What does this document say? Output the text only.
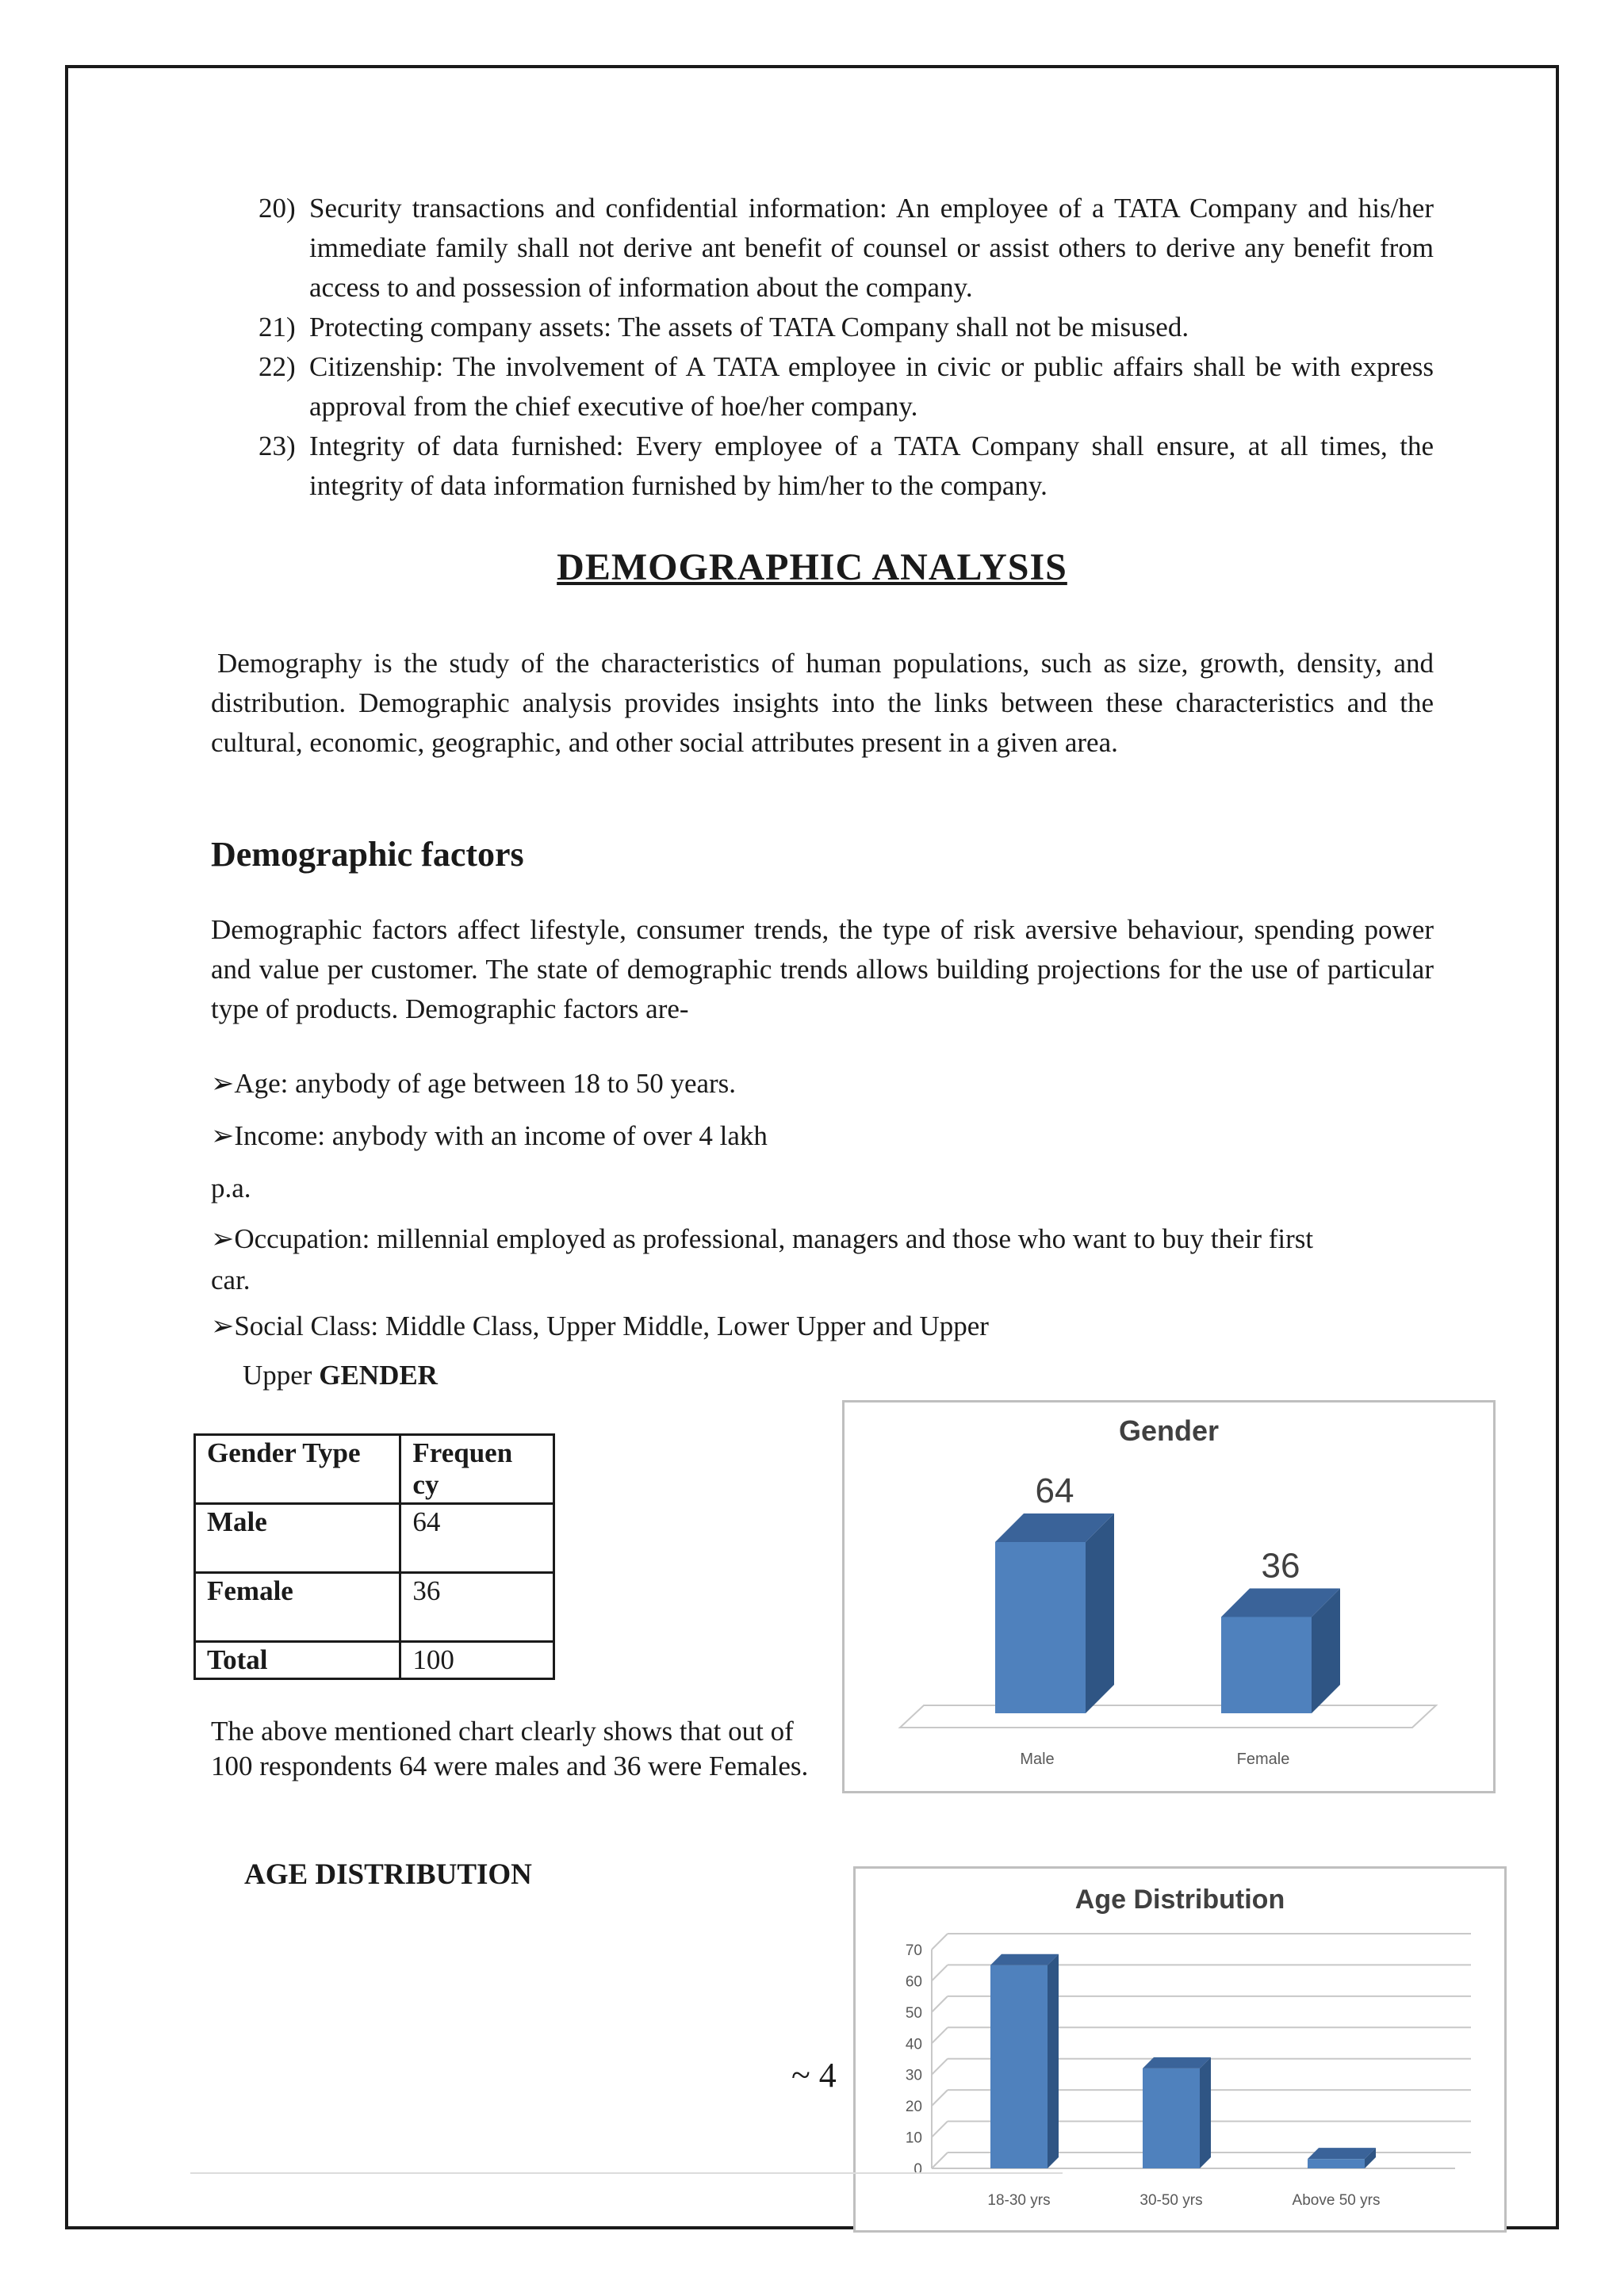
20) Security transactions and confidential information: An employee of a TATA Company and his/her immediate family shall not derive ant benefit of counsel or assist others to derive any benefit from access to and possession of information about the company.
21) Protecting company assets: The assets of TATA Company shall not be misused.
22) Citizenship: The involvement of A TATA employee in civic or public affairs shall be with express approval from the chief executive of hoe/her company.
23) Integrity of data furnished: Every employee of a TATA Company shall ensure, at all times, the integrity of data information furnished by him/her to the company.
DEMOGRAPHIC ANALYSIS
Demography is the study of the characteristics of human populations, such as size, growth, density, and distribution. Demographic analysis provides insights into the links between these characteristics and the cultural, economic, geographic, and other social attributes present in a given area.
Demographic factors
Demographic factors affect lifestyle, consumer trends, the type of risk aversive behaviour, spending power and value per customer. The state of demographic trends allows building projections for the use of particular type of products. Demographic factors are-
➢Age: anybody of age between 18 to 50 years.
➢Income: anybody with an income of over 4 lakh
p.a.
➢Occupation: millennial employed as professional, managers and those who want to buy their first
car.
➢Social Class: Middle Class, Upper Middle, Lower Upper and Upper
Upper GENDER
Gender Type	Frequen cy
Male	64
Female	36
Total	100
The above mentioned chart clearly shows that out of 100 respondents 64 were males and 36 were Females.
AGE DISTRIBUTION
Gender
64
Male
36
Female
Age Distribution
0
10
20
30
40
50
60
70
18-30 yrs	30-50 yrs	Above 50 yrs
~ 4
